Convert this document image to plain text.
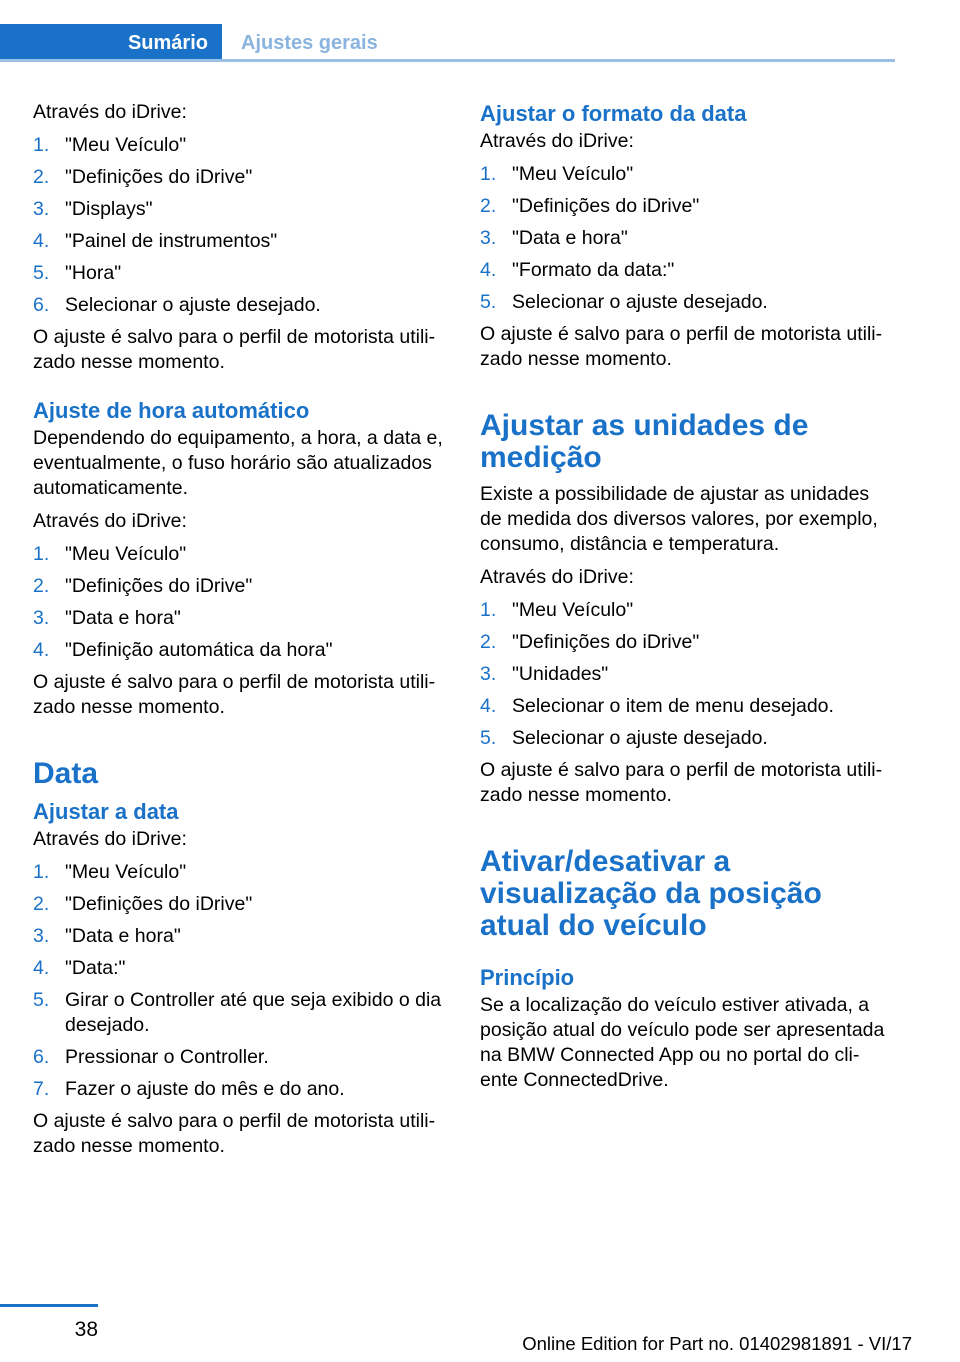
Sumário Ajustes gerais

Através do iDrive:

1. "Meu Veículo"
2. "Definições do iDrive"
3. "Displays"
4. "Painel de instrumentos"
5. "Hora"
6. Selecionar o ajuste desejado.

O ajuste é salvo para o perfil de motorista utili‐ zado nesse momento.

Ajuste de hora automático

Dependendo do equipamento, a hora, a data e, eventualmente, o fuso horário são atualizados automaticamente.

Através do iDrive:

1. "Meu Veículo"
2. "Definições do iDrive"
3. "Data e hora"
4. "Definição automática da hora"

O ajuste é salvo para o perfil de motorista utili‐ zado nesse momento.

Data
Ajustar a data

Através do iDrive:

1. "Meu Veículo"
2. "Definições do iDrive"
3. "Data e hora"
4. "Data:"
5. Girar o Controller até que seja exibido o dia desejado.
6. Pressionar o Controller.
7. Fazer o ajuste do mês e do ano.

O ajuste é salvo para o perfil de motorista utili‐ zado nesse momento.

Ajustar o formato da data

Através do iDrive:

1. "Meu Veículo"
2. "Definições do iDrive"
3. "Data e hora"
4. "Formato da data:"
5. Selecionar o ajuste desejado.

O ajuste é salvo para o perfil de motorista utili‐ zado nesse momento.

Ajustar as unidades de medição

Existe a possibilidade de ajustar as unidades de medida dos diversos valores, por exemplo, consumo, distância e temperatura.

Através do iDrive:

1. "Meu Veículo"
2. "Definições do iDrive"
3. "Unidades"
4. Selecionar o item de menu desejado.
5. Selecionar o ajuste desejado.

O ajuste é salvo para o perfil de motorista utili‐ zado nesse momento.

Ativar/desativar a visualização da posição atual do veículo
Princípio

Se a localização do veículo estiver ativada, a posição atual do veículo pode ser apresentada na BMW Connected App ou no portal do cli‐ ente ConnectedDrive.

38
Online Edition for Part no. 01402981891 - VI/17
